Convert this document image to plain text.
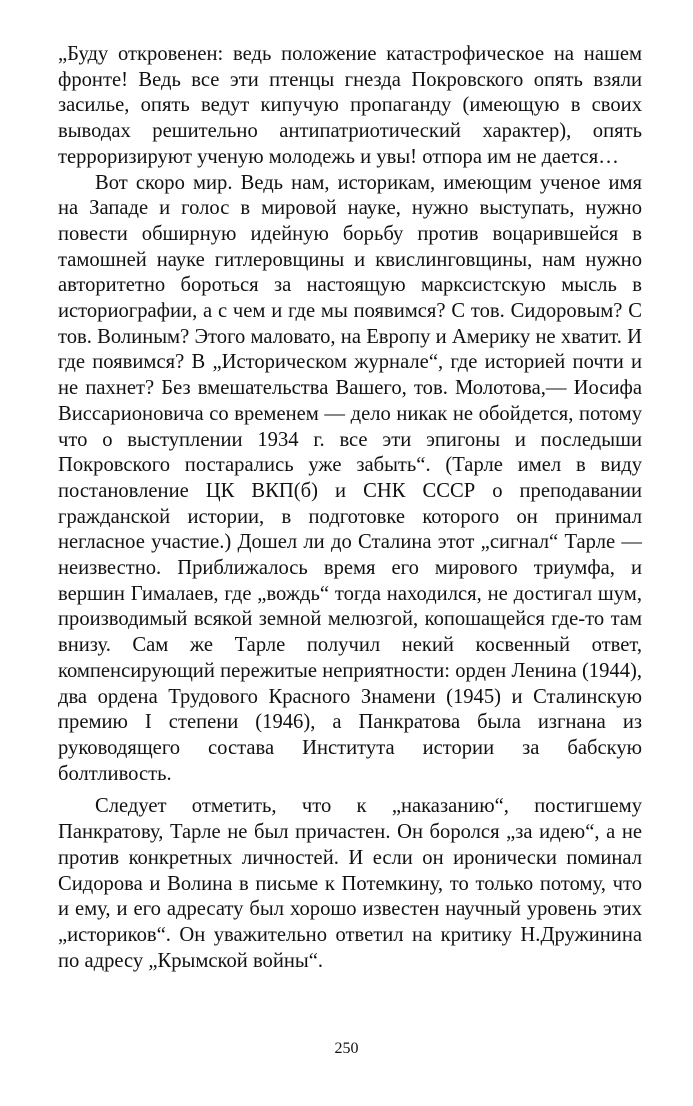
„Буду откровенен: ведь положение катастрофическое на нашем фронте! Ведь все эти птенцы гнезда Покровского опять взяли засилье, опять ведут кипучую пропаганду (имеющую в своих выводах решительно антипатриотический характер), опять терроризируют ученую молодежь и увы! отпора им не дается…

Вот скоро мир. Ведь нам, историкам, имеющим ученое имя на Западе и голос в мировой науке, нужно выступать, нужно повести обширную идейную борьбу против воцарившейся в тамошней науке гитлеровщины и квислинговщины, нам нужно авторитетно бороться за настоящую марксистскую мысль в историографии, а с чем и где мы появимся? С тов. Сидоровым? С тов. Волиным? Этого маловато, на Европу и Америку не хватит. И где появимся? В „Историческом журнале“, где историей почти и не пахнет? Без вмешательства Вашего, тов. Молотова,— Иосифа Виссарионовича со временем — дело никак не обойдется, потому что о выступлении 1934 г. все эти эпигоны и последыши Покровского постарались уже забыть“. (Тарле имел в виду постановление ЦК ВКП(б) и СНК СССР о преподавании гражданской истории, в подготовке которого он принимал негласное участие.) Дошел ли до Сталина этот „сигнал“ Тарле — неизвестно. Приближалось время его мирового триумфа, и вершин Гималаев, где „вождь“ тогда находился, не достигал шум, производимый всякой земной мелюзгой, копошащейся где-то там внизу. Сам же Тарле получил некий косвенный ответ, компенсирующий пережитые неприятности: орден Ленина (1944), два ордена Трудового Красного Знамени (1945) и Сталинскую премию I степени (1946), а Панкратова была изгнана из руководящего состава Института истории за бабскую болтливость.

Следует отметить, что к „наказанию“, постигшему Панкратову, Тарле не был причастен. Он боролся „за идею“, а не против конкретных личностей. И если он иронически поминал Сидорова и Волина в письме к Потемкину, то только потому, что и ему, и его адресату был хорошо известен научный уровень этих „историков“. Он уважительно ответил на критику Н.Дружинина по адресу „Крымской войны“.

250
